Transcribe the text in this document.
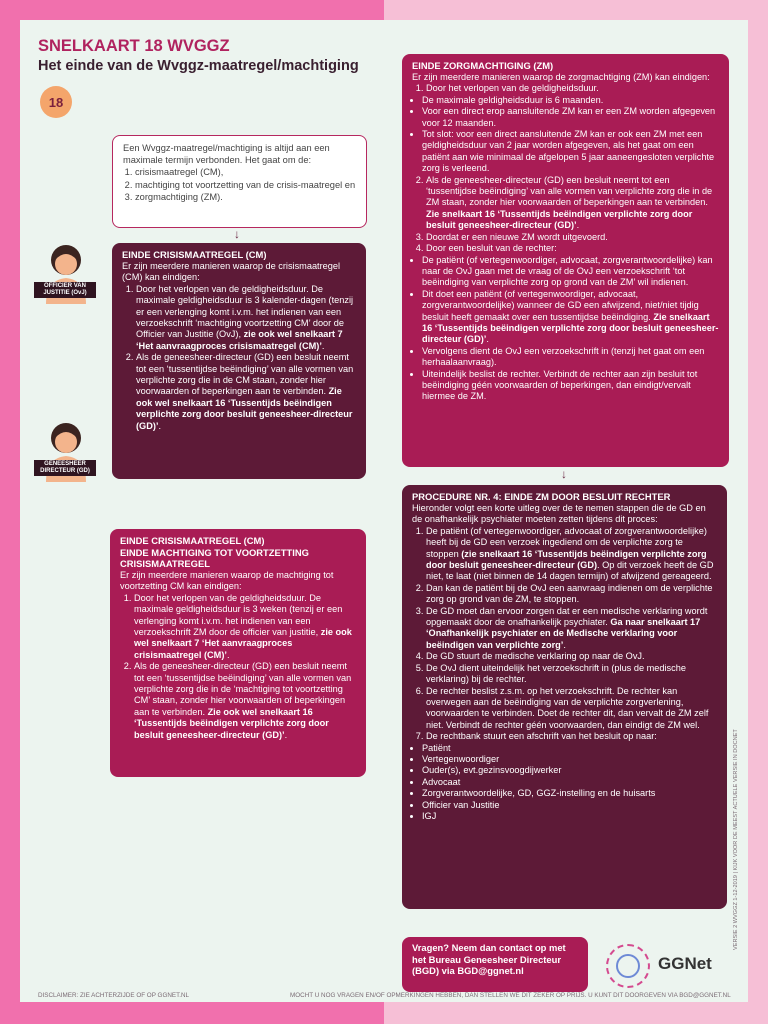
SNELKAART 18 WVGGZ
Het einde van de Wvggz-maatregel/machtiging
18
Een Wvggz-maatregel/machtiging is altijd aan een maximale termijn verbonden. Het gaat om de:
1. crisismaatregel (CM),
2. machtiging tot voortzetting van de crisis-maatregel en
3. zorgmachtiging (ZM).
↓
OFFICIER VAN JUSTITIE (OvJ)
GENEESHEER DIRECTEUR (GD)
EINDE CRISISMAATREGEL (CM)
Er zijn meerdere manieren waarop de crisismaatregel (CM) kan eindigen:
1. Door het verlopen van de geldigheidsduur. De maximale geldigheidsduur is 3 kalender-dagen (tenzij er een verlenging komt i.v.m. het indienen van een verzoekschrift ‘machtiging voortzetting CM’ door de Officier van Justitie (OvJ), zie ook wel snelkaart 7 ‘Het aanvraagproces crisismaatregel (CM)’.
2. Als de geneesheer-directeur (GD) een besluit neemt tot een ‘tussentijdse beëindiging’ van alle vormen van verplichte zorg die in de CM staan, zonder hier voorwaarden of beperkingen aan te verbinden. Zie ook wel snelkaart 16 ‘Tussentijds beëindigen verplichte zorg door besluit geneesheer-directeur (GD)’.
EINDE CRISISMAATREGEL (CM)
EINDE MACHTIGING TOT VOORTZETTING CRISISMAATREGEL
Er zijn meerdere manieren waarop de machtiging tot voortzetting CM kan eindigen:
1. Door het verlopen van de geldigheidsduur. De maximale geldigheidsduur is 3 weken (tenzij er een verlenging komt i.v.m. het indienen van een verzoekschrift ZM door de officier van justitie, zie ook wel snelkaart 7 ‘Het aanvraagproces crisismaatregel (CM)’.
2. Als de geneesheer-directeur (GD) een besluit neemt tot een ‘tussentijdse beëindiging’ van alle vormen van verplichte zorg die in de ‘machtiging tot voortzetting CM’ staan, zonder hier voorwaarden of beperkingen aan te verbinden. Zie ook wel snelkaart 16 ‘Tussentijds beëindigen verplichte zorg door besluit geneesheer-directeur (GD)’.
EINDE ZORGMACHTIGING (ZM)
Er zijn meerdere manieren waarop de zorgmachtiging (ZM) kan eindigen:
1. Door het verlopen van de geldigheidsduur.
• De maximale geldigheidsduur is 6 maanden.
• Voor een direct erop aansluitende ZM kan er een ZM worden afgegeven voor 12 maanden.
• Tot slot: voor een direct aansluitende ZM kan er ook een ZM met een geldigheidsduur van 2 jaar worden afgegeven, als het gaat om een patiënt aan wie minimaal de afgelopen 5 jaar aaneengesloten verplichte zorg is verleend.
2. Als de geneesheer-directeur (GD) een besluit neemt tot een ‘tussentijdse beëindiging’ van alle vormen van verplichte zorg die in de ZM staan, zonder hier voorwaarden of beperkingen aan te verbinden. Zie snelkaart 16 ‘Tussentijds beëindigen verplichte zorg door besluit geneesheer-directeur (GD)’.
3. Doordat er een nieuwe ZM wordt uitgevoerd.
4. Door een besluit van de rechter:
• De patiënt (of vertegenwoordiger, advocaat, zorgverantwoordelijke) kan naar de OvJ gaan met de vraag of de OvJ een verzoekschrift ‘tot beëindiging van verplichte zorg op grond van de ZM’ wil indienen.
• Dit doet een patiënt (of vertegenwoordiger, advocaat, zorgverantwoordelijke) wanneer de GD een afwijzend, niet/niet tijdig besluit heeft gemaakt over een tussentijdse beëindiging. Zie snelkaart 16 ‘Tussentijds beëindigen verplichte zorg door besluit geneesheer-directeur (GD)’.
• Vervolgens dient de OvJ een verzoekschrift in (tenzij het gaat om een herhaalaanvraag).
• Uiteindelijk beslist de rechter. Verbindt de rechter aan zijn besluit tot beëindiging géén voorwaarden of beperkingen, dan eindigt/vervalt hiermee de ZM.
↓
PROCEDURE NR. 4: EINDE ZM DOOR BESLUIT RECHTER
Hieronder volgt een korte uitleg over de te nemen stappen die de GD en de onafhankelijk psychiater moeten zetten tijdens dit proces:
1. De patiënt (of vertegenwoordiger, advocaat of zorgverantwoordelijke) heeft bij de GD een verzoek ingediend om de verplichte zorg te stoppen (zie snelkaart 16 ‘Tussentijds beëindigen verplichte zorg door besluit geneesheer-directeur (GD). Op dit verzoek heeft de GD niet, te laat (niet binnen de 14 dagen termijn) of afwijzend gereageerd.
2. Dan kan de patiënt bij de OvJ een aanvraag indienen om de verplichte zorg op grond van de ZM, te stoppen.
3. De GD moet dan ervoor zorgen dat er een medische verklaring wordt opgemaakt door de onafhankelijk psychiater. Ga naar snelkaart 17 ‘Onafhankelijk psychiater en de Medische verklaring voor beëindigen van verplichte zorg’.
4. De GD stuurt de medische verklaring op naar de OvJ.
5. De OvJ dient uiteindelijk het verzoekschrift in (plus de medische verklaring) bij de rechter.
6. De rechter beslist z.s.m. op het verzoekschrift. De rechter kan overwegen aan de beëindiging van de verplichte zorgverlening, voorwaarden te verbinden. Doet de rechter dit, dan vervalt de ZM zelf niet. Verbindt de rechter géén voorwaarden, dan eindigt de ZM wel.
7. De rechtbank stuurt een afschrift van het besluit op naar:
• Patiënt
• Vertegenwoordiger
• Ouder(s), evt.gezinsvoogdijwerker
• Advocaat
• Zorgverantwoordelijke, GD, GGZ-instelling en de huisarts
• Officier van Justitie
• IGJ
Vragen? Neem dan contact op met het Bureau Geneesheer Directeur (BGD) via BGD@ggnet.nl	GGNet
DISCLAIMER: ZIE ACHTERZIJDE OF OP GGNET.NL	MOCHT U NOG VRAGEN EN/OF OPMERKINGEN HEBBEN, DAN STELLEN WE DIT ZEKER OP PRIJS. U KUNT DIT DOORGEVEN VIA BGD@GGNET.NL
VERSIE 2 WVGGZ 1-12-2019 | KIJK VOOR DE MEEST ACTUELE VERSIE IN DOCNET
